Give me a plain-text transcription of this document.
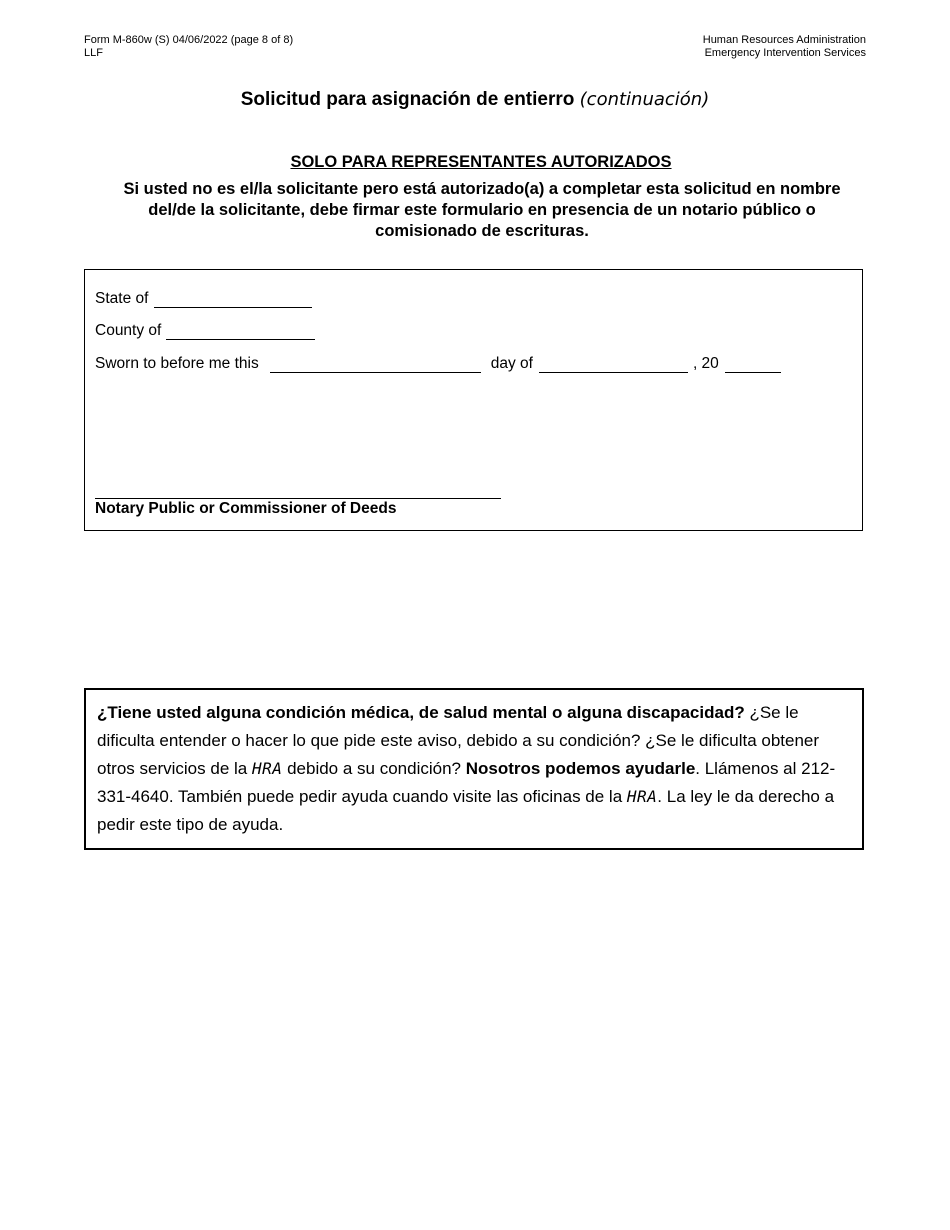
Form M-860w (S) 04/06/2022 (page 8 of 8)
LLF
Human Resources Administration
Emergency Intervention Services
Solicitud para asignación de entierro (continuación)
SOLO PARA REPRESENTANTES AUTORIZADOS
Si usted no es el/la solicitante pero está autorizado(a) a completar esta solicitud en nombre del/de la solicitante, debe firmar este formulario en presencia de un notario público o comisionado de escrituras.
State of
County of
Sworn to before me this	day of	, 20
Notary Public or Commissioner of Deeds
¿Tiene usted alguna condición médica, de salud mental o alguna discapacidad? ¿Se le dificulta entender o hacer lo que pide este aviso, debido a su condición? ¿Se le dificulta obtener otros servicios de la HRA debido a su condición? Nosotros podemos ayudarle. Llámenos al 212-331-4640. También puede pedir ayuda cuando visite las oficinas de la HRA. La ley le da derecho a pedir este tipo de ayuda.
